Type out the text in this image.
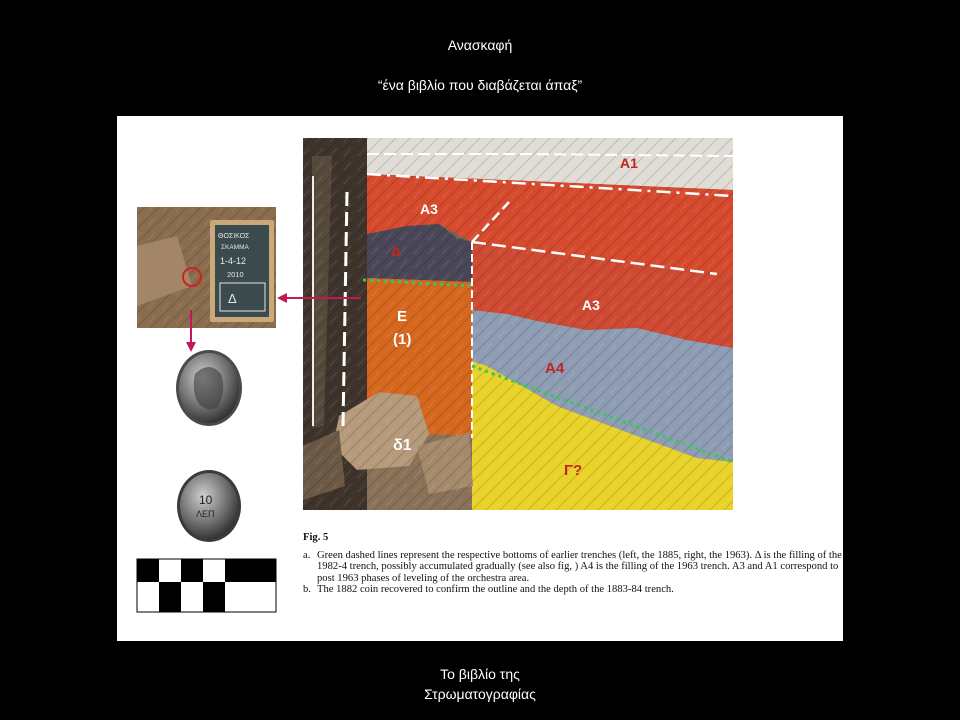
Ανασκαφή
“ένα βιβλίο που διαβάζεται άπαξ”
A1
A3
A3
Δ
E
(1)
δ1
A4
Γ?
ΘΟΣΙΚΟΣ
ΣΚΑΜΜΑ
1-4-12
2010
Δ
10
ΛΕΠ
Fig. 5
a. Green dashed lines represent the respective bottoms of earlier trenches (left, the 1885, right, the 1963). Δ is the filling of the 1982-4 trench, possibly accumulated gradually (see also fig, ) A4 is the filling of the 1963 trench. A3 and A1 correspond to post 1963 phases of leveling of the orchestra area.
b. The 1882 coin recovered to confirm the outline and the depth of the 1883-84 trench.
Το βιβλίο της
Στρωματογραφίας
